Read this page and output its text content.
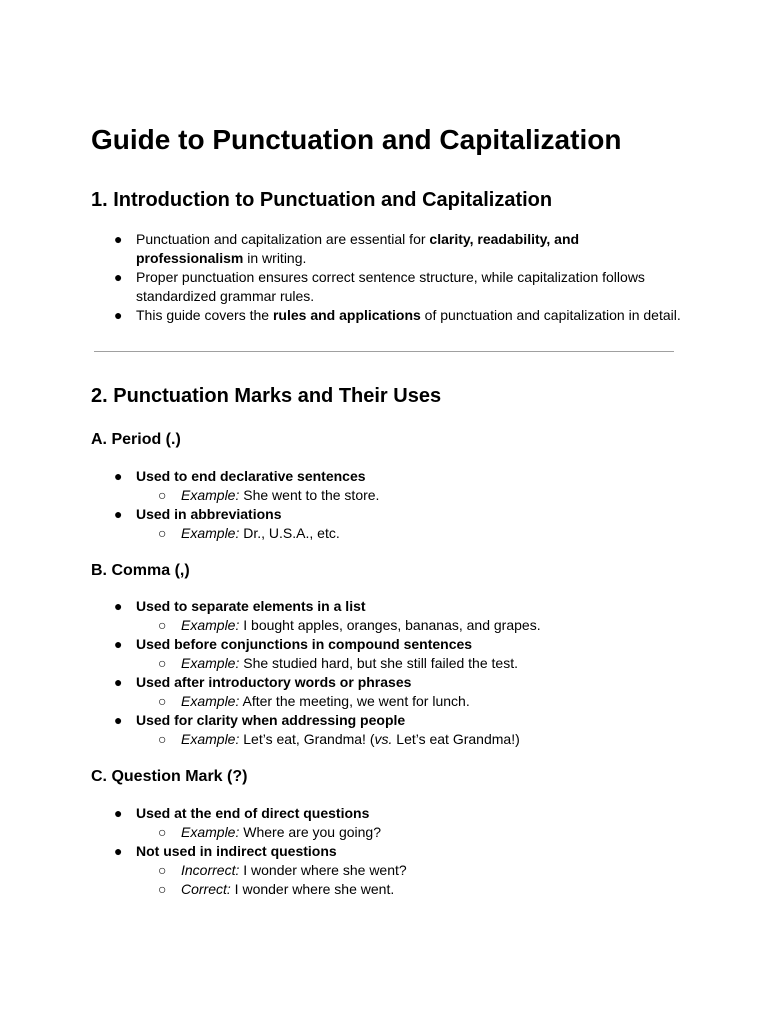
Guide to Punctuation and Capitalization
1. Introduction to Punctuation and Capitalization
● Punctuation and capitalization are essential for clarity, readability, and professionalism in writing.
● Proper punctuation ensures correct sentence structure, while capitalization follows standardized grammar rules.
● This guide covers the rules and applications of punctuation and capitalization in detail.
2. Punctuation Marks and Their Uses
A. Period (.)
● Used to end declarative sentences
○ Example: She went to the store.
● Used in abbreviations
○ Example: Dr., U.S.A., etc.
B. Comma (,)
● Used to separate elements in a list
○ Example: I bought apples, oranges, bananas, and grapes.
● Used before conjunctions in compound sentences
○ Example: She studied hard, but she still failed the test.
● Used after introductory words or phrases
○ Example: After the meeting, we went for lunch.
● Used for clarity when addressing people
○ Example: Let’s eat, Grandma! (vs. Let’s eat Grandma!)
C. Question Mark (?)
● Used at the end of direct questions
○ Example: Where are you going?
● Not used in indirect questions
○ Incorrect: I wonder where she went?
○ Correct: I wonder where she went.
